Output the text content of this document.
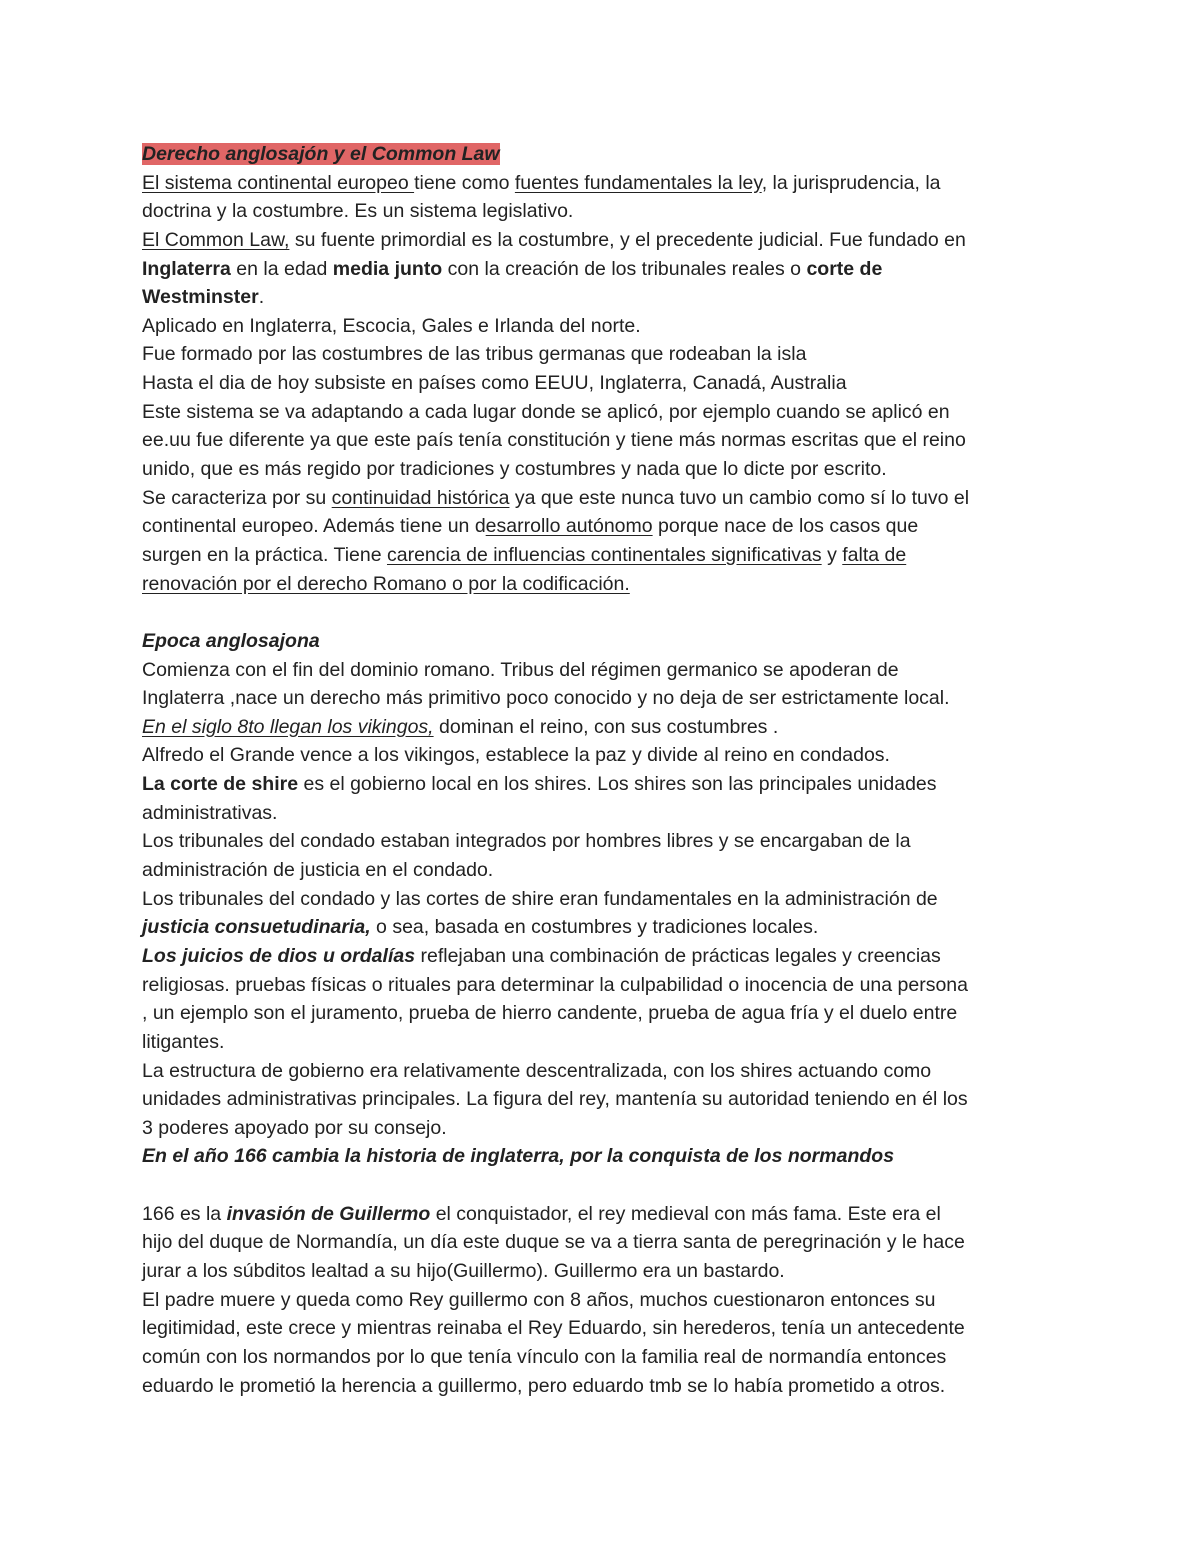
Derecho anglosajón y el Common Law
El sistema continental europeo tiene como fuentes fundamentales la ley, la jurisprudencia, la
doctrina y la costumbre. Es un sistema legislativo.
El Common Law, su fuente primordial es la costumbre, y el precedente judicial. Fue fundado en
Inglaterra en la edad media junto con la creación de los tribunales reales o corte de
Westminster.
Aplicado en Inglaterra, Escocia, Gales e Irlanda del norte.
Fue formado por las costumbres de las tribus germanas que rodeaban la isla
Hasta el dia de hoy subsiste en países como EEUU, Inglaterra, Canadá, Australia
Este sistema se va adaptando a cada lugar donde se aplicó, por ejemplo cuando se aplicó en
ee.uu fue diferente ya que este país tenía constitución y tiene más normas escritas que el reino
unido, que es más regido por tradiciones y costumbres y nada que lo dicte por escrito.
Se caracteriza por su continuidad histórica ya que este nunca tuvo un cambio como sí lo tuvo el
continental europeo. Además tiene un desarrollo autónomo porque nace de los casos que
surgen en la práctica. Tiene carencia de influencias continentales significativas y falta de
renovación por el derecho Romano o por la codificación.
Epoca anglosajona
Comienza con el fin del dominio romano. Tribus del régimen germanico se apoderan de
Inglaterra ,nace un derecho más primitivo poco conocido y no deja de ser estrictamente local.
En el siglo 8to llegan los vikingos, dominan el reino, con sus costumbres .
Alfredo el Grande vence a los vikingos, establece la paz y divide al reino en condados.
La corte de shire es el gobierno local en los shires. Los shires son las principales unidades
administrativas.
Los tribunales del condado estaban integrados por hombres libres y se encargaban de la
administración de justicia en el condado.
Los tribunales del condado y las cortes de shire eran fundamentales en la administración de
justicia consuetudinaria, o sea, basada en costumbres y tradiciones locales.
Los juicios de dios u ordalías reflejaban una combinación de prácticas legales y creencias
religiosas. pruebas físicas o rituales para determinar la culpabilidad o inocencia de una persona
, un ejemplo son el juramento, prueba de hierro candente, prueba de agua fría y el duelo entre
litigantes.
La estructura de gobierno era relativamente descentralizada, con los shires actuando como
unidades administrativas principales. La figura del rey, mantenía su autoridad teniendo en él los
3 poderes apoyado por su consejo.
En el año 166 cambia la historia de inglaterra, por la conquista de los normandos
166 es la invasión de Guillermo el conquistador, el rey medieval con más fama. Este era el
hijo del duque de Normandía, un día este duque se va a tierra santa de peregrinación y le hace
jurar a los súbditos lealtad a su hijo(Guillermo). Guillermo era un bastardo.
El padre muere y queda como Rey guillermo con 8 años, muchos cuestionaron entonces su
legitimidad, este crece y mientras reinaba el Rey Eduardo, sin herederos, tenía un antecedente
común con los normandos por lo que tenía vínculo con la familia real de normandía entonces
eduardo le prometió la herencia a guillermo, pero eduardo tmb se lo había prometido a otros.
